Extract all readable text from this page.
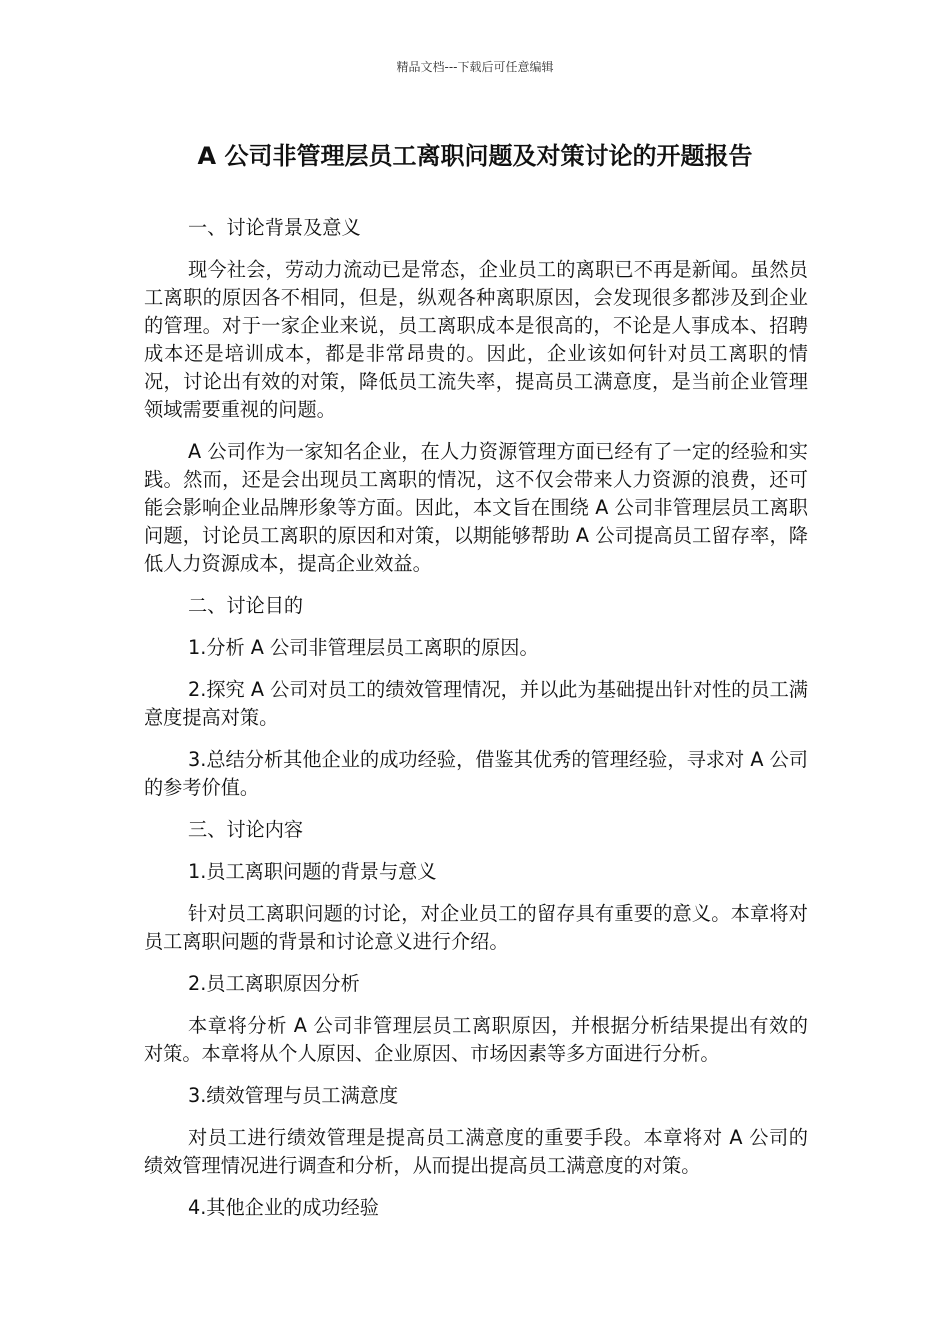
精品文档---下载后可任意编辑
A 公司非管理层员工离职问题及对策讨论的开题报告

一、讨论背景及意义

现今社会，劳动力流动已是常态，企业员工的离职已不再是新闻。虽然员工离职的原因各不相同，但是，纵观各种离职原因，会发现很多都涉及到企业的管理。对于一家企业来说，员工离职成本是很高的，不论是人事成本、招聘成本还是培训成本，都是非常昂贵的。因此，企业该如何针对员工离职的情况，讨论出有效的对策，降低员工流失率，提高员工满意度，是当前企业管理领域需要重视的问题。

A 公司作为一家知名企业，在人力资源管理方面已经有了一定的经验和实践。然而，还是会出现员工离职的情况，这不仅会带来人力资源的浪费，还可能会影响企业品牌形象等方面。因此，本文旨在围绕 A 公司非管理层员工离职问题，讨论员工离职的原因和对策，以期能够帮助 A 公司提高员工留存率，降低人力资源成本，提高企业效益。

二、讨论目的

1.分析 A 公司非管理层员工离职的原因。

2.探究 A 公司对员工的绩效管理情况，并以此为基础提出针对性的员工满意度提高对策。

3.总结分析其他企业的成功经验，借鉴其优秀的管理经验，寻求对 A 公司的参考价值。

三、讨论内容

1.员工离职问题的背景与意义

针对员工离职问题的讨论，对企业员工的留存具有重要的意义。本章将对员工离职问题的背景和讨论意义进行介绍。

2.员工离职原因分析

本章将分析 A 公司非管理层员工离职原因，并根据分析结果提出有效的对策。本章将从个人原因、企业原因、市场因素等多方面进行分析。

3.绩效管理与员工满意度

对员工进行绩效管理是提高员工满意度的重要手段。本章将对 A 公司的绩效管理情况进行调查和分析，从而提出提高员工满意度的对策。

4.其他企业的成功经验
